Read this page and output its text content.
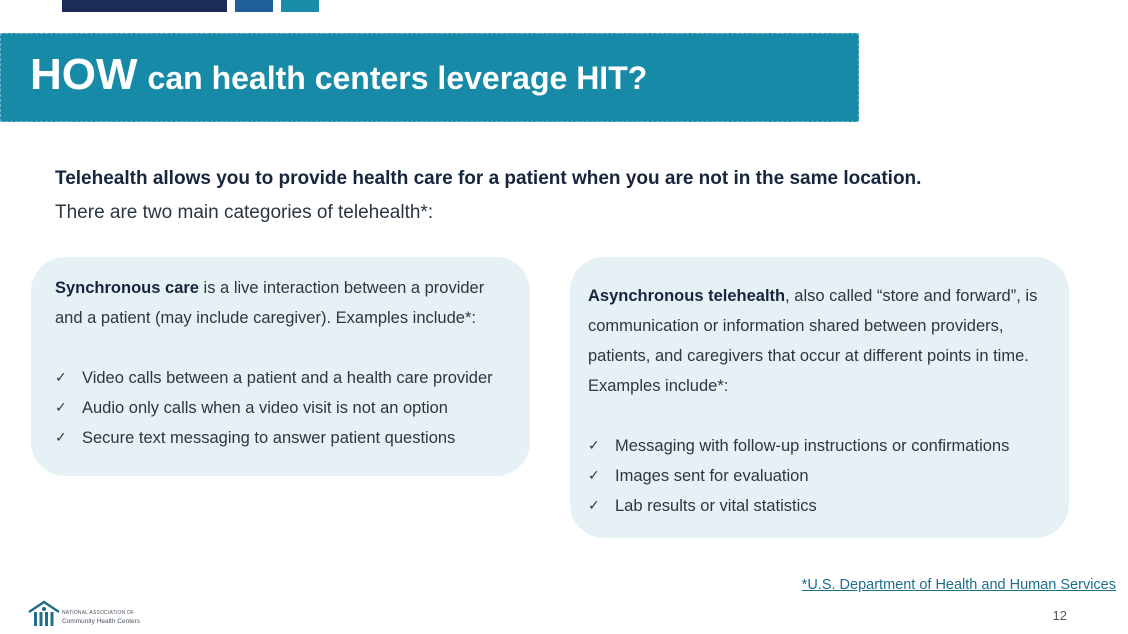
HOW can health centers leverage HIT?
Telehealth allows you to provide health care for a patient when you are not in the same location.
There are two main categories of telehealth*:

Synchronous care is a live interaction between a provider and a patient (may include caregiver). Examples include*:

✓ Video calls between a patient and a health care provider
✓ Audio only calls when a video visit is not an option
✓ Secure text messaging to answer patient questions

Asynchronous telehealth, also called “store and forward”, is communication or information shared between providers, patients, and caregivers that occur at different points in time. Examples include*:

✓ Messaging with follow-up instructions or confirmations
✓ Images sent for evaluation
✓ Lab results or vital statistics
*U.S. Department of Health and Human Services
12
NATIONAL ASSOCIATION OF
Community Health Centers
